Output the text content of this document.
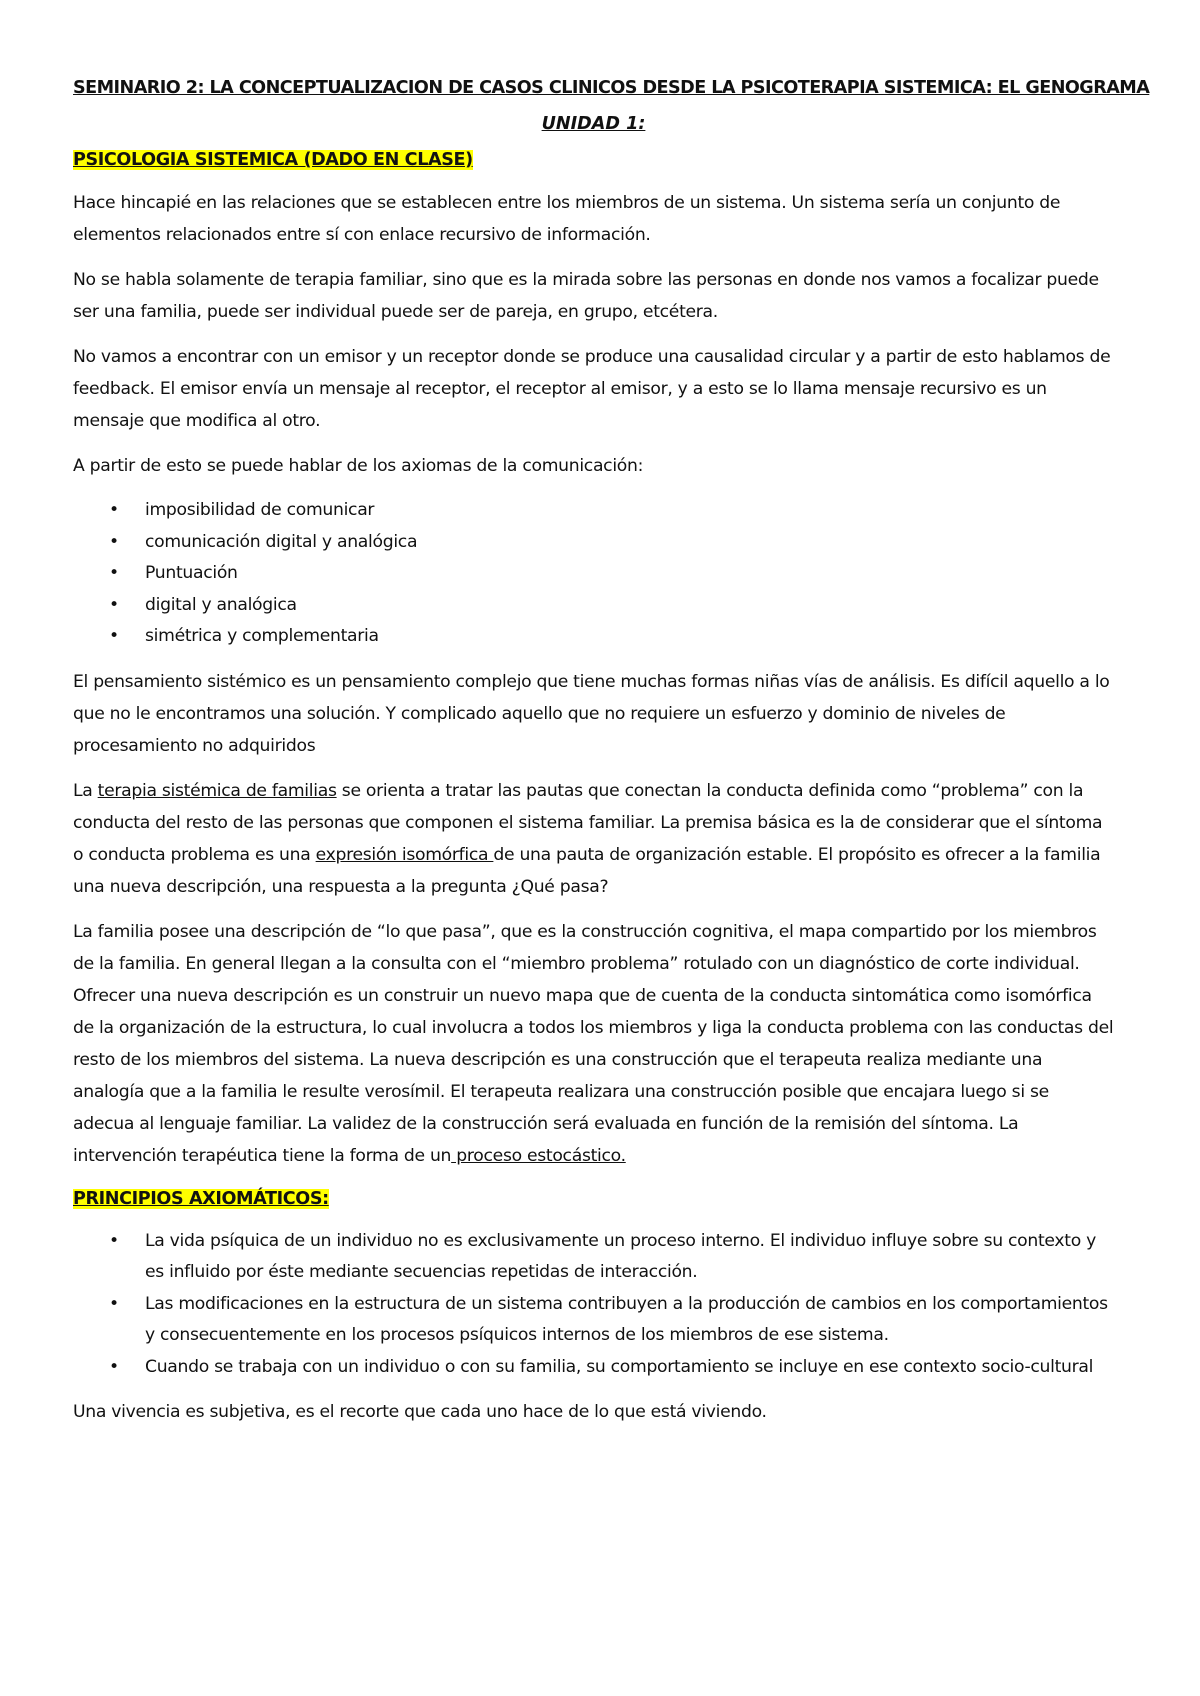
SEMINARIO 2: LA CONCEPTUALIZACION DE CASOS CLINICOS DESDE LA PSICOTERAPIA SISTEMICA: EL GENOGRAMA
UNIDAD 1:
PSICOLOGIA SISTEMICA (DADO EN CLASE)

Hace hincapié en las relaciones que se establecen entre los miembros de un sistema. Un sistema sería un conjunto de elementos relacionados entre sí con enlace recursivo de información.

No se habla solamente de terapia familiar, sino que es la mirada sobre las personas en donde nos vamos a focalizar puede ser una familia, puede ser individual puede ser de pareja, en grupo, etcétera.

No vamos a encontrar con un emisor y un receptor donde se produce una causalidad circular y a partir de esto hablamos de feedback. El emisor envía un mensaje al receptor, el receptor al emisor, y a esto se lo llama mensaje recursivo es un mensaje que modifica al otro.

A partir de esto se puede hablar de los axiomas de la comunicación:

• imposibilidad de comunicar
• comunicación digital y analógica
• Puntuación
• digital y analógica
• simétrica y complementaria

El pensamiento sistémico es un pensamiento complejo que tiene muchas formas niñas vías de análisis. Es difícil aquello a lo que no le encontramos una solución. Y complicado aquello que no requiere un esfuerzo y dominio de niveles de procesamiento no adquiridos

La terapia sistémica de familias se orienta a tratar las pautas que conectan la conducta definida como “problema” con la conducta del resto de las personas que componen el sistema familiar. La premisa básica es la de considerar que el síntoma o conducta problema es una expresión isomórfica de una pauta de organización estable. El propósito es ofrecer a la familia una nueva descripción, una respuesta a la pregunta ¿Qué pasa?

La familia posee una descripción de “lo que pasa”, que es la construcción cognitiva, el mapa compartido por los miembros de la familia. En general llegan a la consulta con el “miembro problema” rotulado con un diagnóstico de corte individual. Ofrecer una nueva descripción es un construir un nuevo mapa que de cuenta de la conducta sintomática como isomórfica de la organización de la estructura, lo cual involucra a todos los miembros y liga la conducta problema con las conductas del resto de los miembros del sistema. La nueva descripción es una construcción que el terapeuta realiza mediante una analogía que a la familia le resulte verosímil. El terapeuta realizara una construcción posible que encajara luego si se adecua al lenguaje familiar. La validez de la construcción será evaluada en función de la remisión del síntoma. La intervención terapéutica tiene la forma de un proceso estocástico.

PRINCIPIOS AXIOMÁTICOS:
• La vida psíquica de un individuo no es exclusivamente un proceso interno. El individuo influye sobre su contexto y es influido por éste mediante secuencias repetidas de interacción.
• Las modificaciones en la estructura de un sistema contribuyen a la producción de cambios en los comportamientos y consecuentemente en los procesos psíquicos internos de los miembros de ese sistema.
• Cuando se trabaja con un individuo o con su familia, su comportamiento se incluye en ese contexto socio-cultural

Una vivencia es subjetiva, es el recorte que cada uno hace de lo que está viviendo.
